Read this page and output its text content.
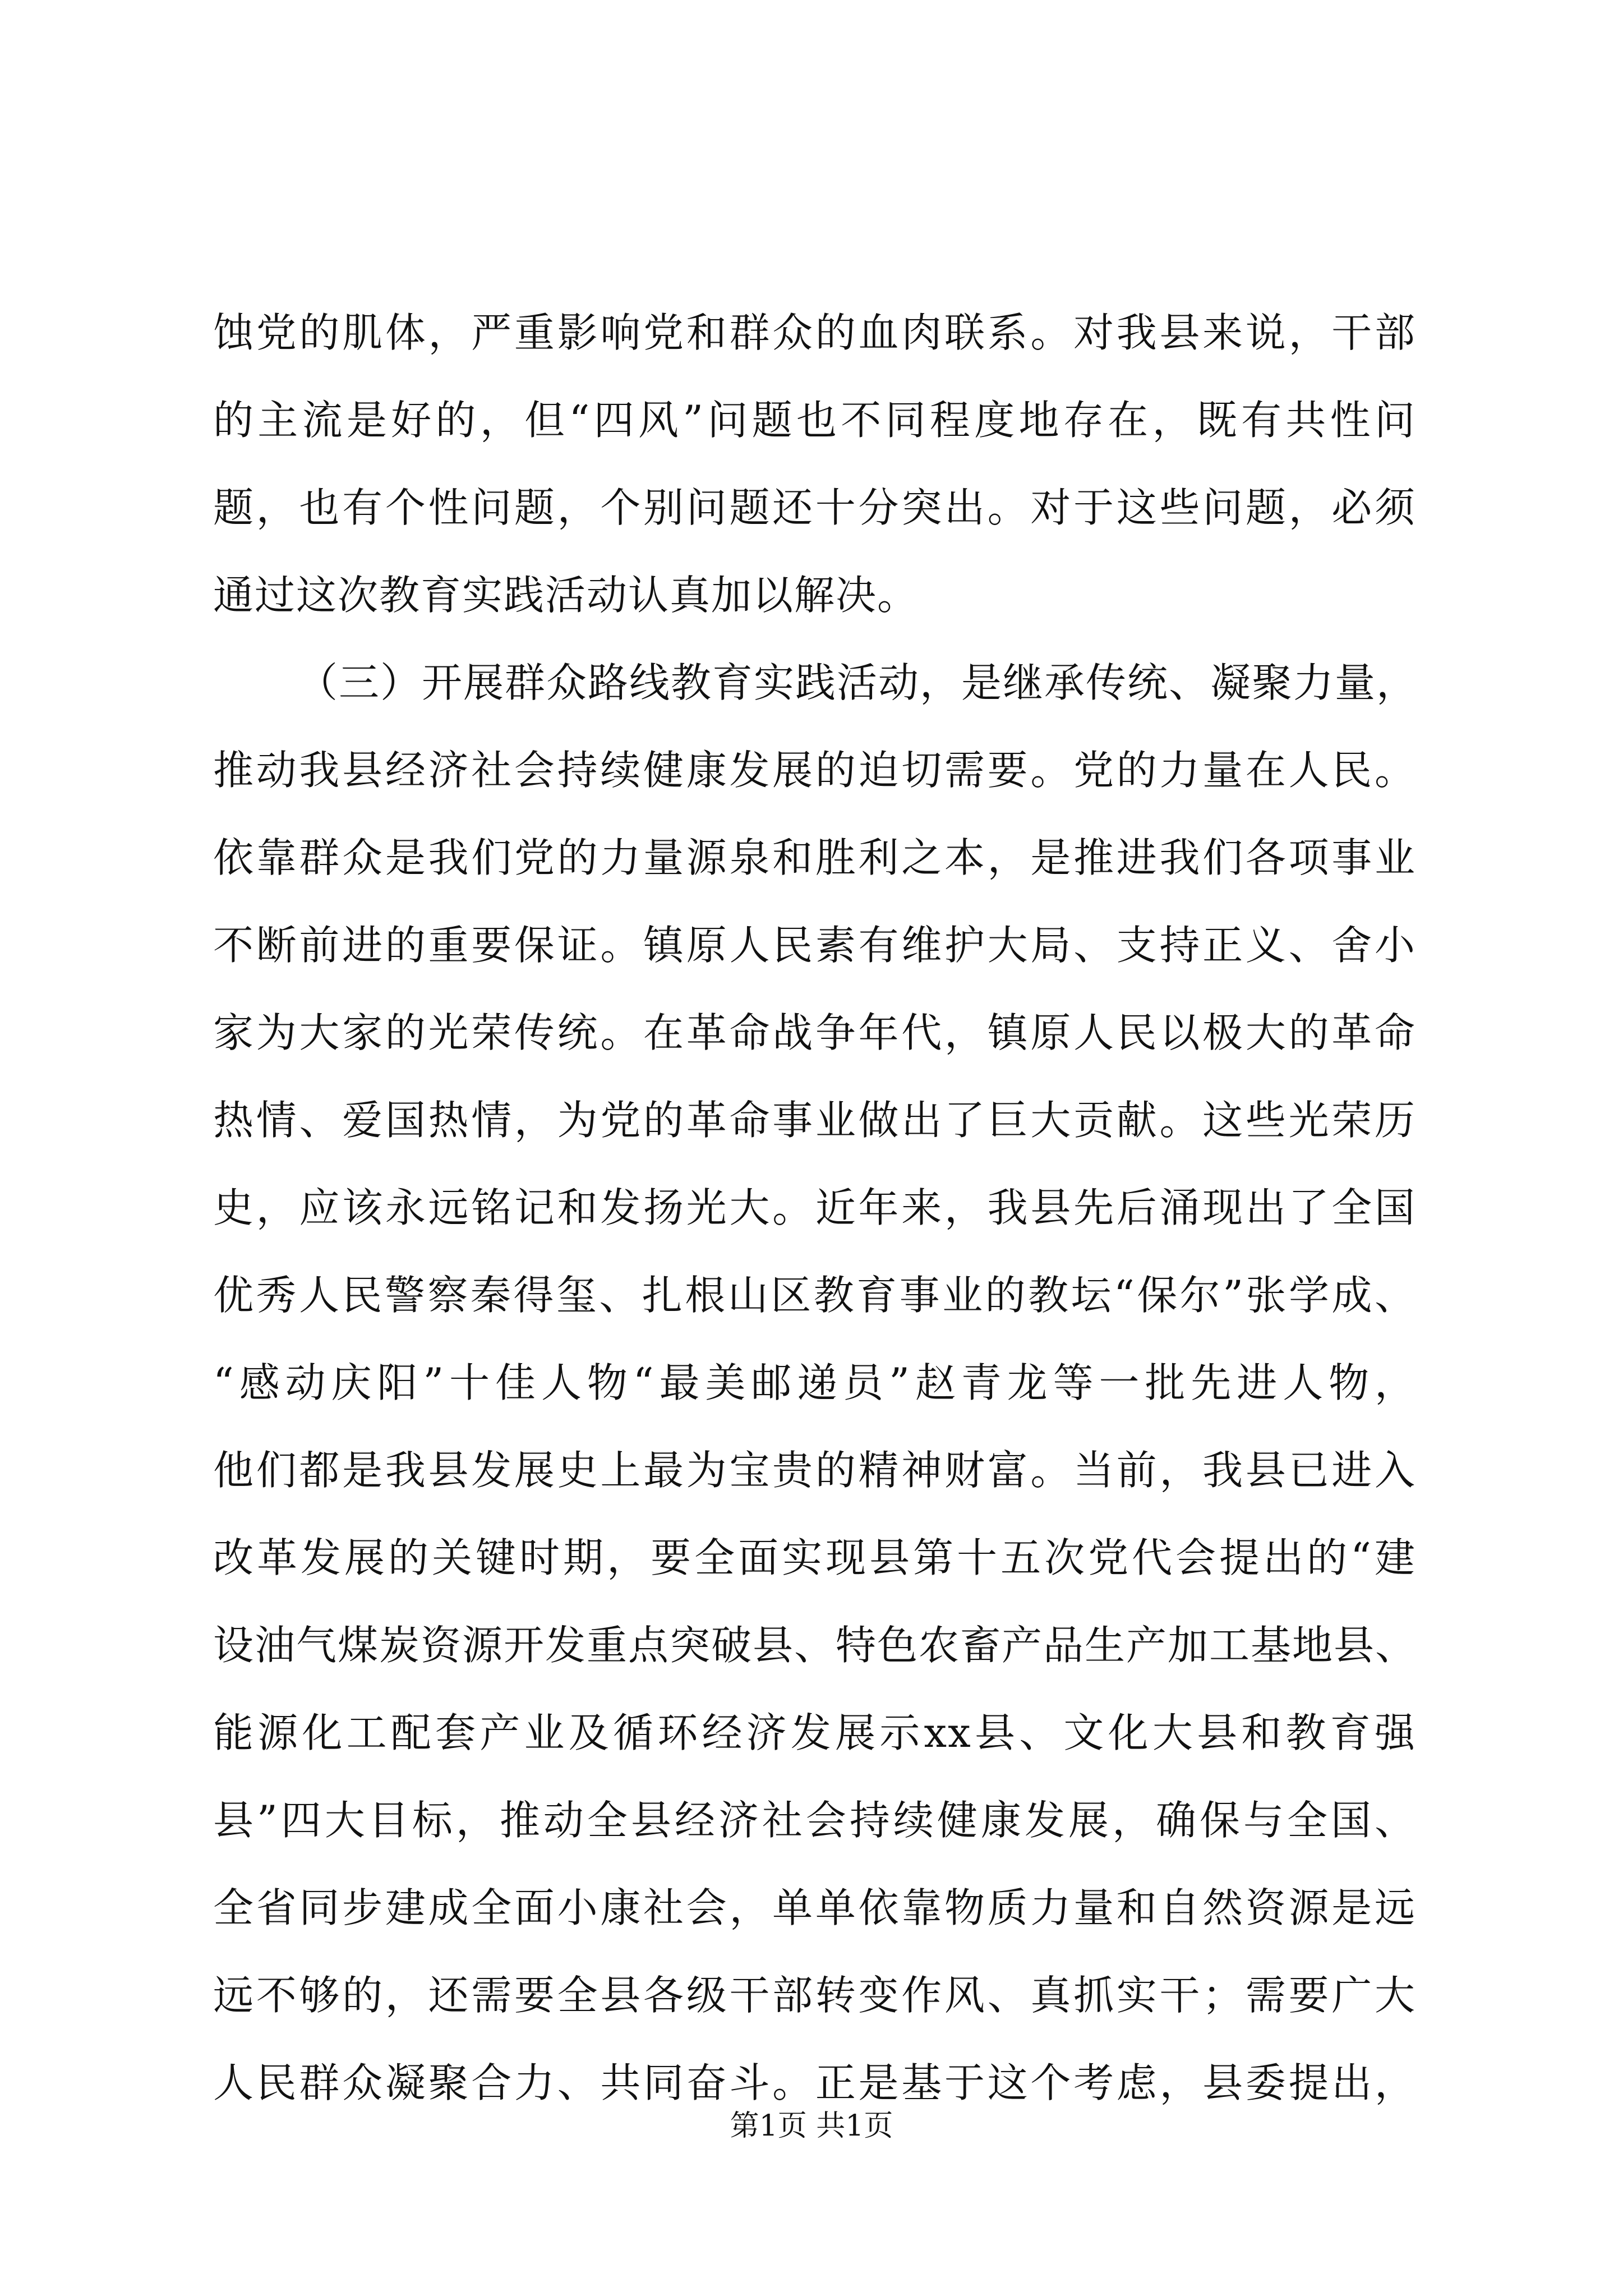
蚀党的肌体，严重影响党和群众的血肉联系。对我县来说，干部
的主流是好的，但“四风”问题也不同程度地存在，既有共性问
题，也有个性问题，个别问题还十分突出。对于这些问题，必须
通过这次教育实践活动认真加以解决。
（三）开展群众路线教育实践活动，是继承传统、凝聚力量，
推动我县经济社会持续健康发展的迫切需要。党的力量在人民。
依靠群众是我们党的力量源泉和胜利之本，是推进我们各项事业
不断前进的重要保证。镇原人民素有维护大局、支持正义、舍小
家为大家的光荣传统。在革命战争年代，镇原人民以极大的革命
热情、爱国热情，为党的革命事业做出了巨大贡献。这些光荣历
史，应该永远铭记和发扬光大。近年来，我县先后涌现出了全国
优秀人民警察秦得玺、扎根山区教育事业的教坛“保尔”张学成、
“感动庆阳”十佳人物“最美邮递员”赵青龙等一批先进人物，
他们都是我县发展史上最为宝贵的精神财富。当前，我县已进入
改革发展的关键时期，要全面实现县第十五次党代会提出的“建
设油气煤炭资源开发重点突破县、特色农畜产品生产加工基地县、
能源化工配套产业及循环经济发展示xx县、文化大县和教育强
县”四大目标，推动全县经济社会持续健康发展，确保与全国、
全省同步建成全面小康社会，单单依靠物质力量和自然资源是远
远不够的，还需要全县各级干部转变作风、真抓实干；需要广大
人民群众凝聚合力、共同奋斗。正是基于这个考虑，县委提出，
第1页 共1页
